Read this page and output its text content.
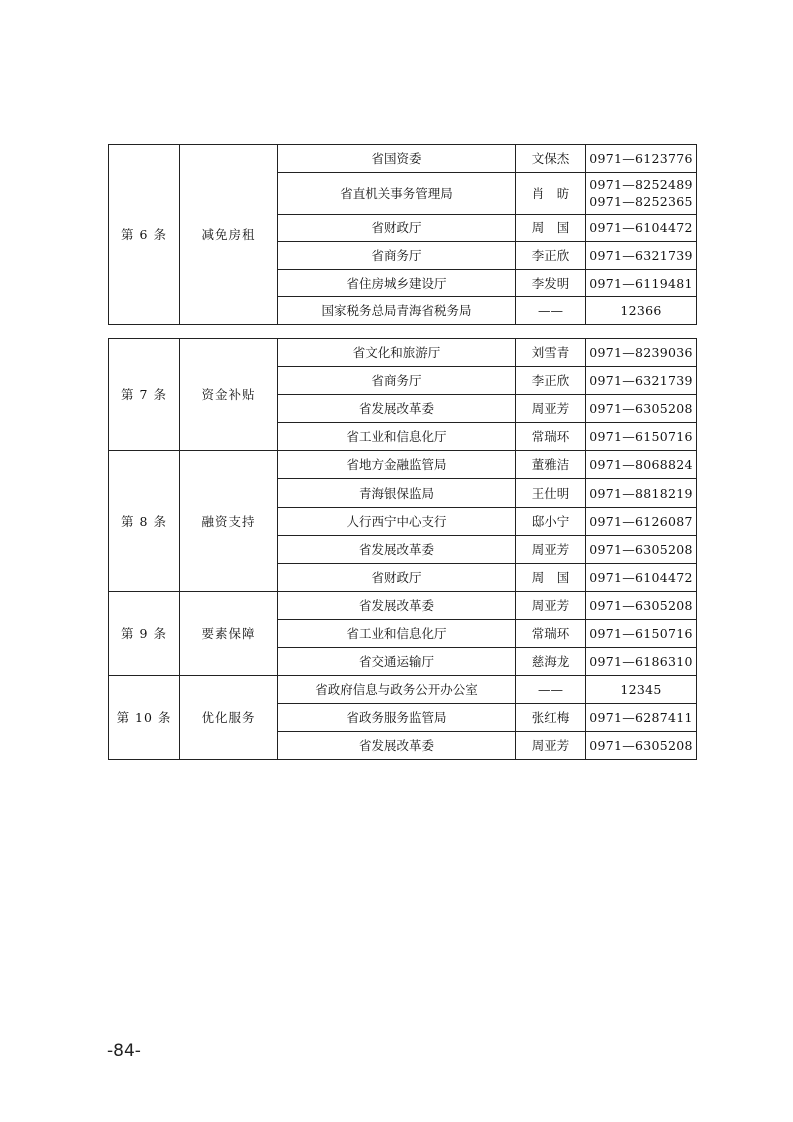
第 6 条	减免房租	省国资委	文保杰	0971—6123776

		省直机关事务管理局	肖　昉	0971—8252489
0971—8252365

		省财政厅	周　国	0971—6104472

		省商务厅	李正欣	0971—6321739

		省住房城乡建设厅	李发明	0971—6119481

		国家税务总局青海省税务局	——	12366
第 7 条	资金补贴	省文化和旅游厅	刘雪青	0971—8239036

		省商务厅	李正欣	0971—6321739

		省发展改革委	周亚芳	0971—6305208

		省工业和信息化厅	常瑞环	0971—6150716

第 8 条	融资支持	省地方金融监管局	董雅洁	0971—8068824

		青海银保监局	王仕明	0971—8818219

		人行西宁中心支行	邸小宁	0971—6126087

		省发展改革委	周亚芳	0971—6305208

		省财政厅	周　国	0971—6104472

第 9 条	要素保障	省发展改革委	周亚芳	0971—6305208

		省工业和信息化厅	常瑞环	0971—6150716

		省交通运输厅	慈海龙	0971—6186310

第 10 条	优化服务	省政府信息与政务公开办公室	——	12345

		省政务服务监管局	张红梅	0971—6287411

		省发展改革委	周亚芳	0971—6305208
-84-
